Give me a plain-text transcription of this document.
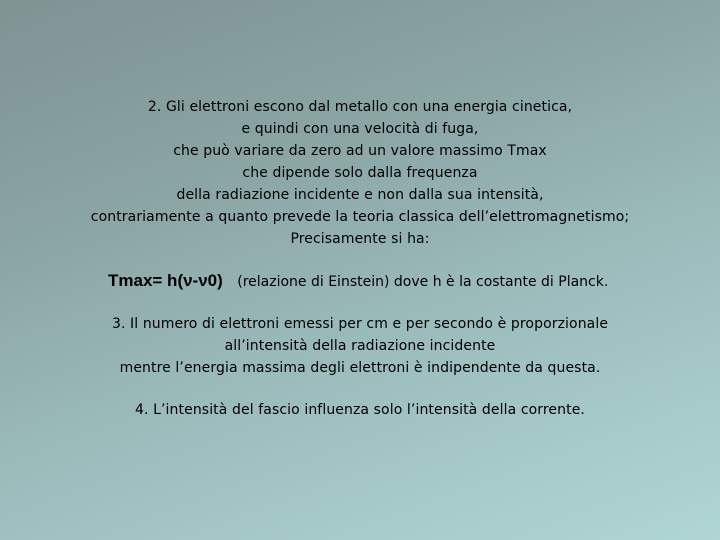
2. Gli elettroni escono dal metallo con una energia cinetica,
e quindi con una velocità di fuga,
che può variare da zero ad un valore massimo Tmax
che dipende solo dalla frequenza
della radiazione incidente e non dalla sua intensità,
contrariamente a quanto prevede la teoria classica dell’elettromagnetismo;
Precisamente si ha:
Tmax= h(ν-ν0) (relazione di Einstein) dove h è la costante di Planck.
3. Il numero di elettroni emessi per cm e per secondo è proporzionale
all’intensità della radiazione incidente
mentre l’energia massima degli elettroni è indipendente da questa.
4. L’intensità del fascio influenza solo l’intensità della corrente.
